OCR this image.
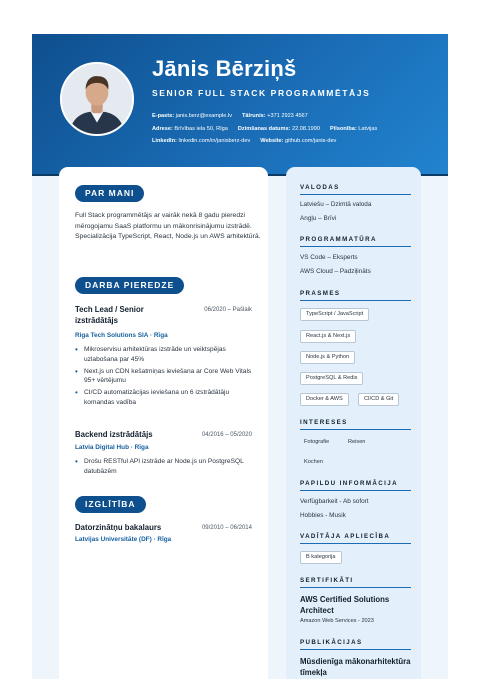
Jānis Bērziņš
SENIOR FULL STACK PROGRAMMĒTĀJS
E-pasts: janis.berz@example.lv Tālrunis: +371 2923 4567
Adrese: Brīvības iela 50, Rīga Dzimšanas datums: 22.08.1990 Pilsonība: Latvijas
LinkedIn: linkedin.com/in/janisberz-dev Website: github.com/janis-dev
PAR MANI
Full Stack programmētājs ar vairāk nekā 8 gadu pieredzi mērogojamu SaaS platformu un mākonrisinājumu izstrādē. Specializācija TypeScript, React, Node.js un AWS arhitektūrā.
DARBA PIEREDZE
Tech Lead / Senior izstrādātājs
06/2020 – Pašlaik
Riga Tech Solutions SIA · Rīga
• Mikroservisu arhitektūras izstrāde un veiktspējas uzlabošana par 45%
• Next.js un CDN kešatmiņas ieviešana ar Core Web Vitals 95+ vērtējumu
• CI/CD automatizācijas ieviešana un 6 izstrādātāju komandas vadība
Backend izstrādātājs	04/2016 – 05/2020
Latvia Digital Hub · Rīga
• Drošu RESTful API izstrāde ar Node.js un PostgreSQL datubāzēm
IZGLĪTĪBA
Datorzinātņu bakalaurs	09/2010 – 06/2014
Latvijas Universitāte (DF) · Rīga
VALODAS
Latviešu – Dzimtā valoda
Angļu – Brīvi
PROGRAMMATŪRA
VS Code – Eksperts
AWS Cloud – Padziļināts
PRASMES
TypeScript / JavaScript
React.js & Next.js
Node.js & Python
PostgreSQL & Redis
Docker & AWS	CI/CD & Git
INTERESES
Fotografie	Reisen
Kochen
PAPILDU INFORMĀCIJA
Verfügbarkeit - Ab sofort
Hobbies - Musik
VADĪTĀJA APLIECĪBA
B kategorija
SERTIFIKĀTI
AWS Certified Solutions Architect
Amazon Web Services - 2023
PUBLIKĀCIJAS
Mūsdienīga mākonarhitektūra tīmekļa
